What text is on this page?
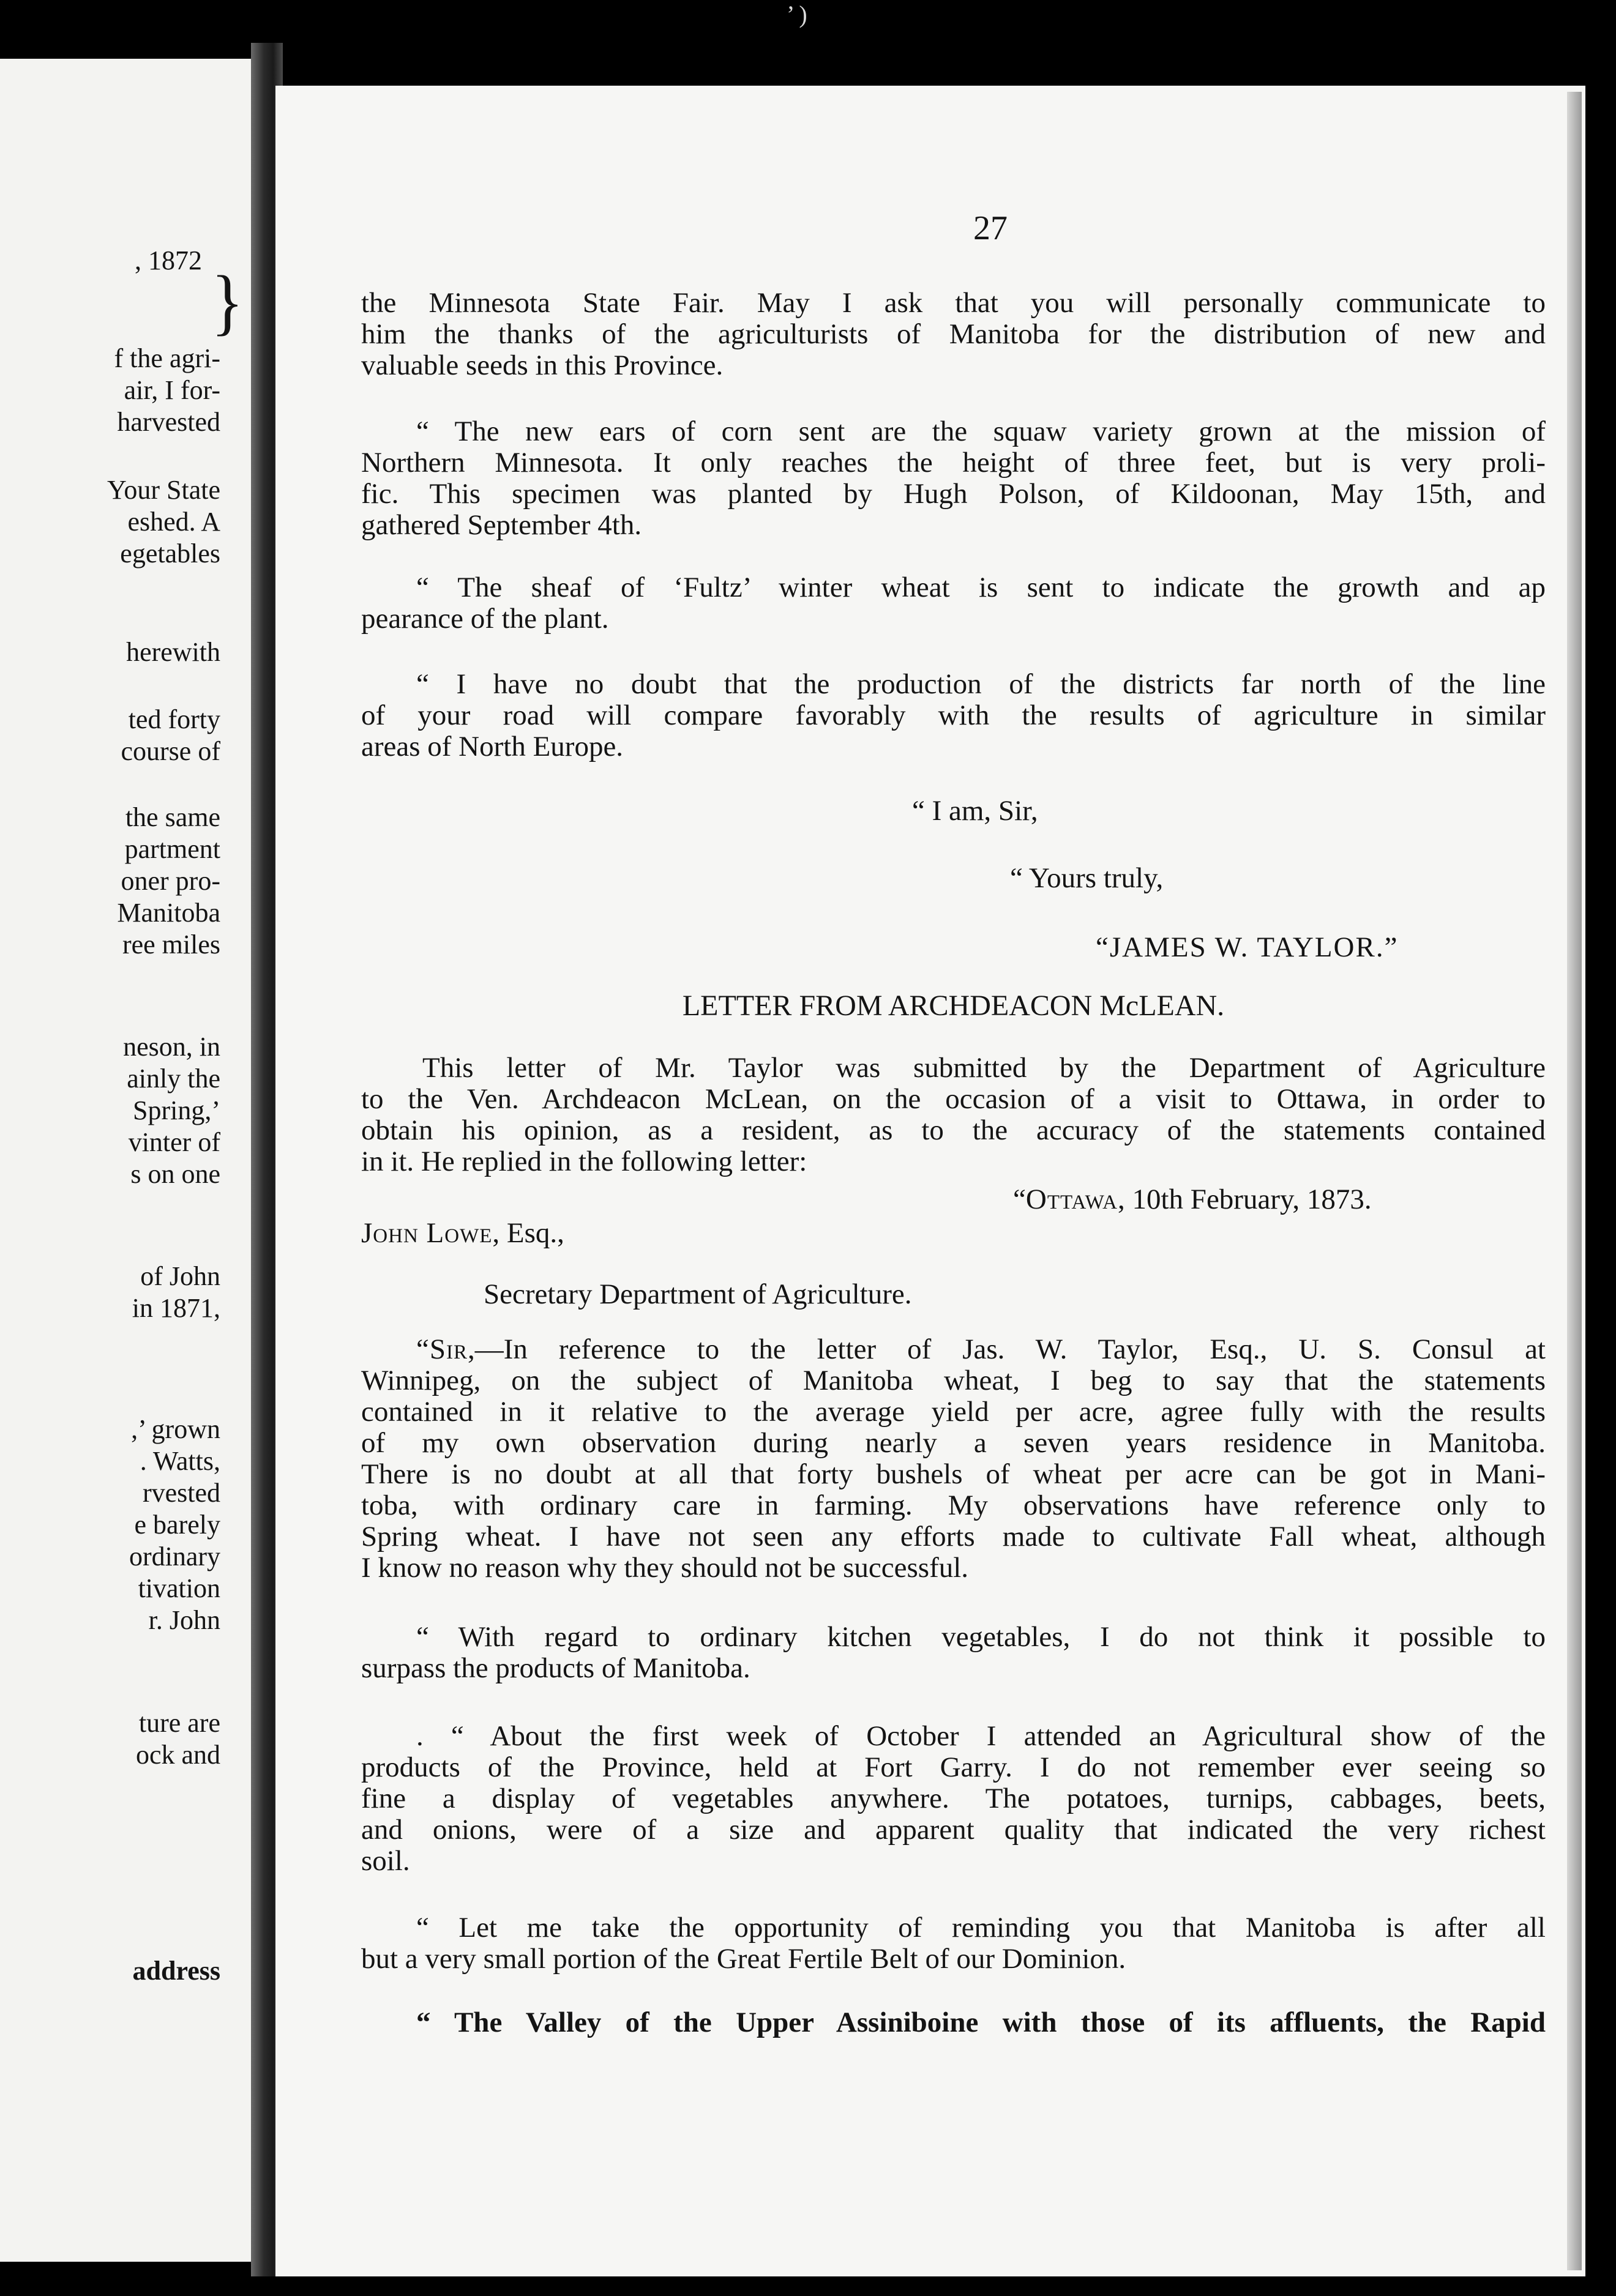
’ )
, 1872
f the agri-
air, I for-
harvested
Your State
eshed. A
egetables
herewith
ted forty
course of
the same
partment
oner pro-
Manitoba
ree miles
neson, in
ainly the
Spring,’
vinter of
s on one
of John
in 1871,
,’ grown
. Watts,
rvested
e barely
ordinary
tivation
r. John
ture are
ock and
address
}
27
the Minnesota State Fair. May I ask that you will personally communicate to
him the thanks of the agriculturists of Manitoba for the distribution of new and
valuable seeds in this Province.
“ The new ears of corn sent are the squaw variety grown at the mission of
Northern Minnesota. It only reaches the height of three feet, but is very proli-
fic. This specimen was planted by Hugh Polson, of Kildoonan, May 15th, and
gathered September 4th.
“ The sheaf of ‘Fultz’ winter wheat is sent to indicate the growth and ap
pearance of the plant.
“ I have no doubt that the production of the districts far north of the line
of your road will compare favorably with the results of agriculture in similar
areas of North Europe.
“ I am, Sir,
“ Yours truly,
“JAMES W. TAYLOR.”
LETTER FROM ARCHDEACON McLEAN.
This letter of Mr. Taylor was submitted by the Department of Agriculture
to the Ven. Archdeacon McLean, on the occasion of a visit to Ottawa, in order to
obtain his opinion, as a resident, as to the accuracy of the statements contained
in it. He replied in the following letter:
“Ottawa, 10th February, 1873.
John Lowe, Esq.,
Secretary Department of Agriculture.
“Sir,—In reference to the letter of Jas. W. Taylor, Esq., U. S. Consul at
Winnipeg, on the subject of Manitoba wheat, I beg to say that the statements
contained in it relative to the average yield per acre, agree fully with the results
of my own observation during nearly a seven years residence in Manitoba.
There is no doubt at all that forty bushels of wheat per acre can be got in Mani-
toba, with ordinary care in farming. My observations have reference only to
Spring wheat. I have not seen any efforts made to cultivate Fall wheat, although
I know no reason why they should not be successful.
“ With regard to ordinary kitchen vegetables, I do not think it possible to
surpass the products of Manitoba.
. “ About the first week of October I attended an Agricultural show of the
products of the Province, held at Fort Garry. I do not remember ever seeing so
fine a display of vegetables anywhere. The potatoes, turnips, cabbages, beets,
and onions, were of a size and apparent quality that indicated the very richest
soil.
“ Let me take the opportunity of reminding you that Manitoba is after all
but a very small portion of the Great Fertile Belt of our Dominion.
“ The Valley of the Upper Assiniboine with those of its affluents, the Rapid
